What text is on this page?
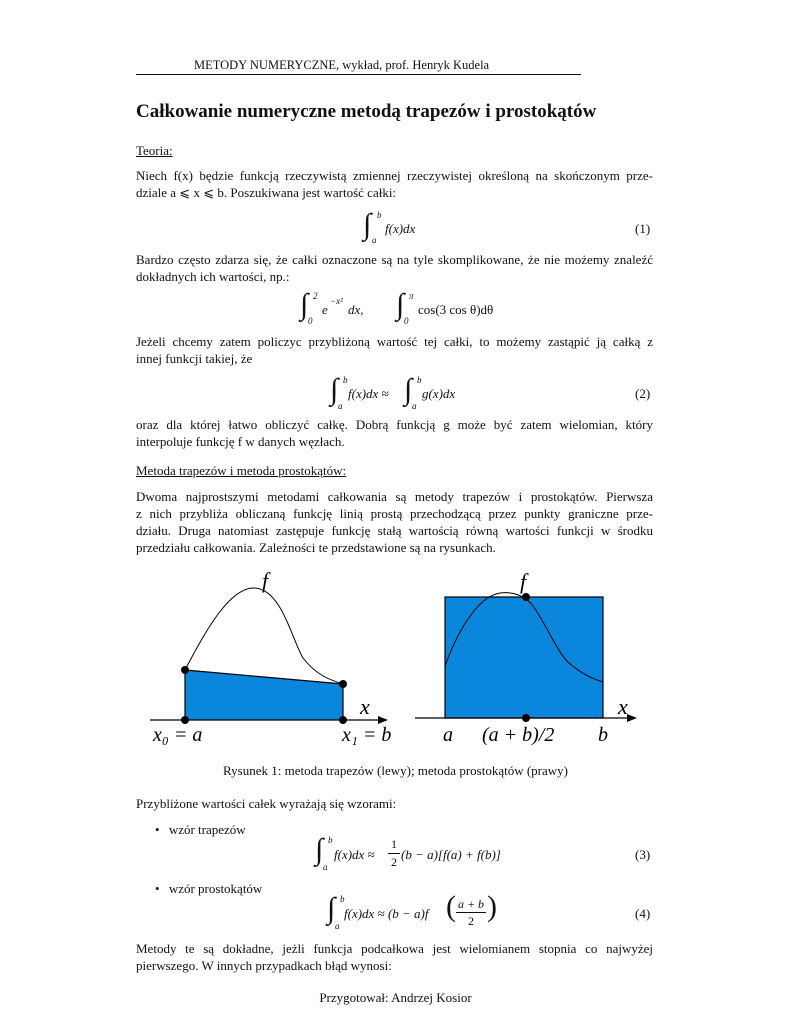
METODY NUMERYCZNE, wykład, prof. Henryk Kudela
Całkowanie numeryczne metodą trapezów i prostokątów
Teoria:
Niech f(x) będzie funkcją rzeczywistą zmiennej rzeczywistej określoną na skończonym prze-
dziale a ⩽ x ⩽ b. Poszukiwana jest wartość całki:
∫ b
a
f(x)dx	(1)
Bardzo często zdarza się, że całki oznaczone są na tyle skomplikowane, że nie możemy znaleźć
dokładnych ich wartości, np.:
∫ 2
0
e
−x²
dx, ∫ π
0
cos(3 cos θ)dθ
Jeżeli chcemy zatem policzyc przybliżoną wartość tej całki, to możemy zastąpić ją całką z
innej funkcji takiej, że
∫ b
a
f(x)dx ≈ ∫ b
a
g(x)dx	(2)
oraz dla której łatwo obliczyć całkę. Dobrą funkcją g może być zatem wielomian, który
interpoluje funkcję f w danych węzłach.
Metoda trapezów i metoda prostokątów:
Dwoma najprostszymi metodami całkowania są metody trapezów i prostokątów. Pierwsza
z nich przybliża obliczaną funkcję linią prostą przechodzącą przez punkty graniczne prze-
działu. Druga natomiast zastępuje funkcję stałą wartością równą wartości funkcji w środku
przedziału całkowania. Zależności te przedstawione są na rysunkach.
f
x
x₀ = a	x₁ = b
f
x
a (a + b)/2 b
Rysunek 1: metoda trapezów (lewy); metoda prostokątów (prawy)
Przybliżone wartości całek wyrażają się wzorami:
• wzór trapezów
∫ b
a
f(x)dx ≈
1
2 (b − a)[f(a) + f(b)]	(3)
• wzór prostokątów
∫ b
a
f(x)dx ≈ (b − a)f ( a + b
2 )	(4)
Metody te są dokładne, jeżli funkcja podcałkowa jest wielomianem stopnia co najwyżej
pierwszego. W innych przypadkach błąd wynosi:
Przygotował: Andrzej Kosior
